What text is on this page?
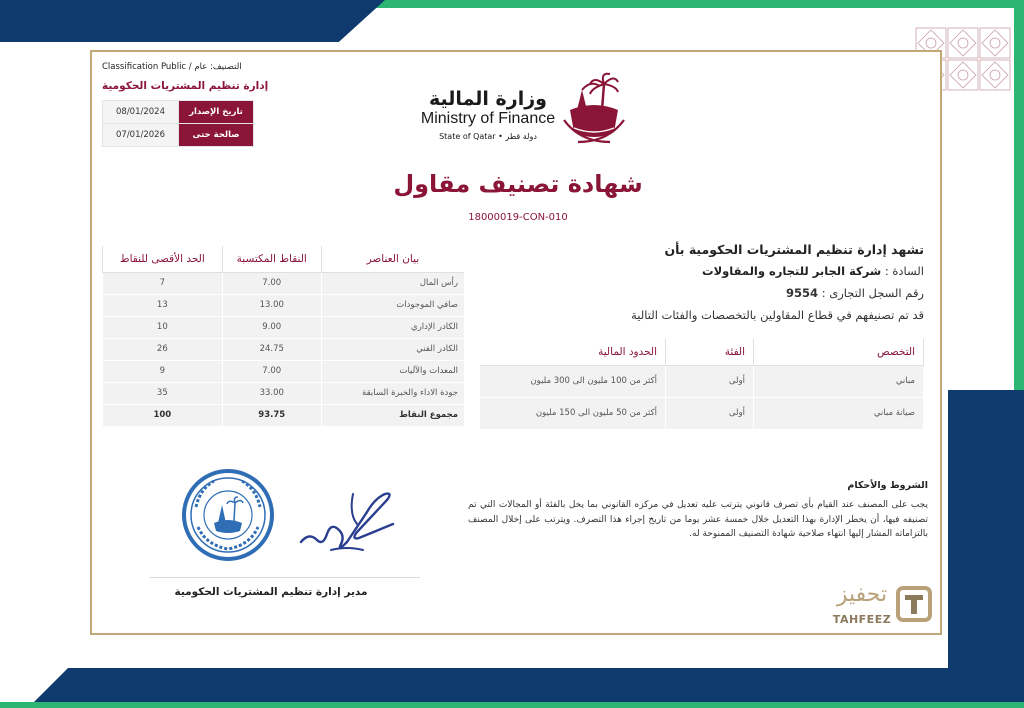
Classification Public / التصنيف: عام
إدارة تنظيم المشتريات الحكومية
08/01/2024	تاريخ الإصدار
07/01/2026	صالحة حتى
وزارة المالية
Ministry of Finance
State of Qatar • دولة قطر
شهادة تصنيف مقاول
18000019-CON-010
الحد الأقصى للنقاط	النقاط المكتسبة	بيان العناصر
7	7.00	رأس المال
13	13.00	صافي الموجودات
10	9.00	الكادر الإداري
26	24.75	الكادر الفني
9	7.00	المعدات والآليات
35	33.00	جودة الاداء والخبرة السابقة
100	93.75	مجموع النقاط
تشهد إدارة تنظيم المشتريات الحكومية بأن
السادة : شركة الجابر للتجاره والمقاولات
رقم السجل التجارى : 9554
قد تم تصنيفهم في قطاع المقاولين بالتخصصات والفئات التالية
التخصص	الفئة	الحدود المالية
مباني	أولى	أكثر من 100 مليون الى 300 مليون
صيانة مباني	أولى	أكثر من 50 مليون الى 150 مليون
الشروط والأحكام
يجب على المصنف عند القيام بأي تصرف قانوني يترتب عليه تعديل في مركزه القانوني بما يخل بالفئة أو المجالات التي تم تصنيفه فيها، أن يخطر الإدارة بهذا التعديل خلال خمسة عشر يوما من تاريخ إجراء هذا التصرف. ويترتب على إخلال المصنف بالتزاماته المشار إليها انتهاء صلاحية شهادة التصنيف الممنوحة له.
مدير إدارة تنظيم المشتريات الحكومية	تحفيز
TAHFEEZ
